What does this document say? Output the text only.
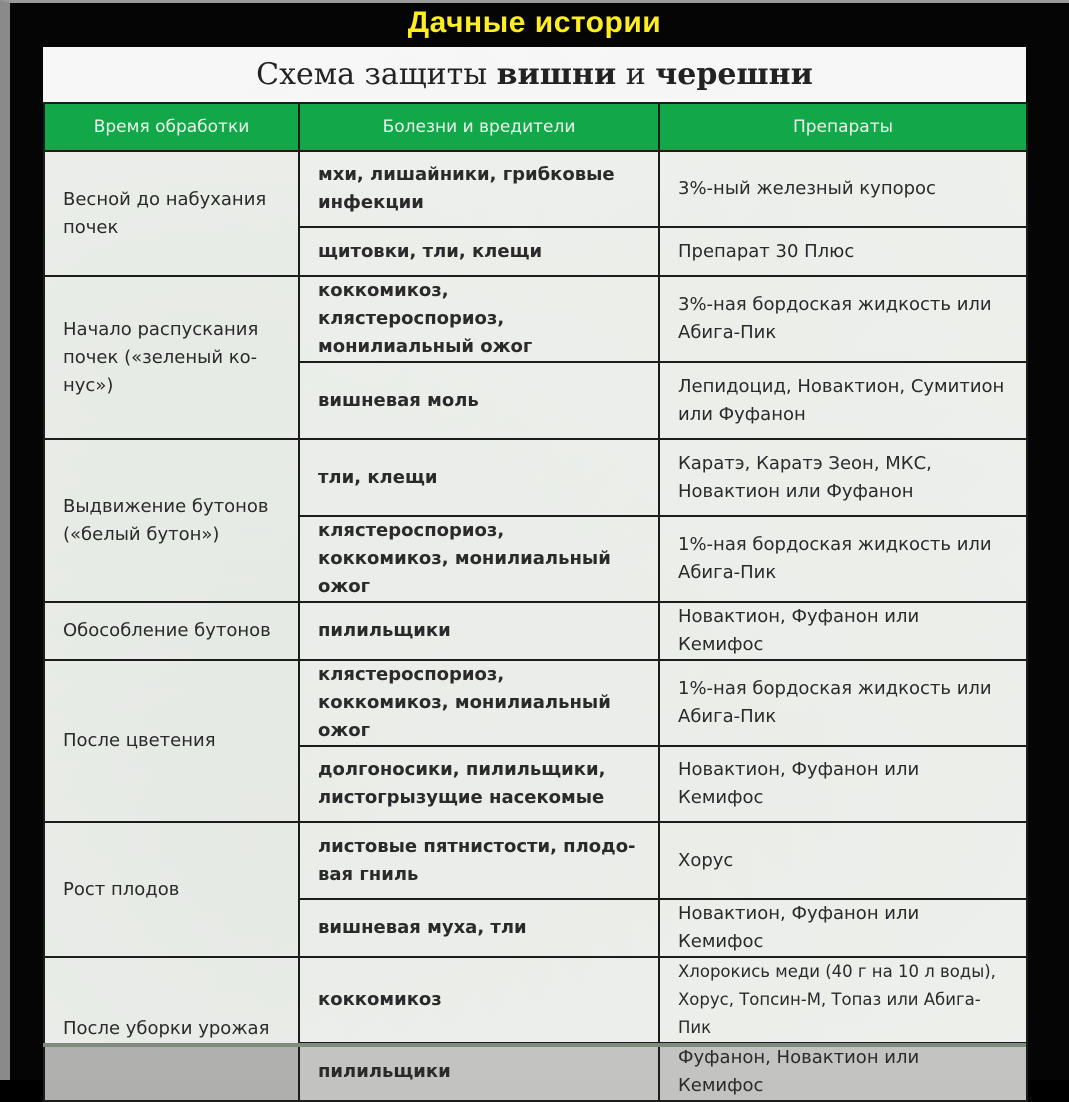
Дачные истории
Схема защиты вишни и черешни
Время обработки	Болезни и вредители	Препараты
Весной до набухания почек	мхи, лишайники, грибковые инфекции	3%-ный железный купорос
	щитовки, тли, клещи	Препарат 30 Плюс
Начало распускания почек («зеленый ко-нус»)	коккомикоз, клястероспориоз, монилиальный ожог	3%-ная бордоская жидкость или Абига-Пик
	вишневая моль	Лепидоцид, Новактион, Сумитион или Фуфанон
Выдвижение бутонов («белый бутон»)	тли, клещи	Каратэ, Каратэ Зеон, МКС, Новактион или Фуфанон
	клястероспориоз, коккомикоз, монилиальный ожог	1%-ная бордоская жидкость или Абига-Пик
Обособление бутонов	пилильщики	Новактион, Фуфанон или Кемифос
После цветения	клястероспориоз, коккомикоз, монилиальный ожог	1%-ная бордоская жидкость или Абига-Пик
	долгоносики, пилильщики, листогрызущие насекомые	Новактион, Фуфанон или Кемифос
Рост плодов	листовые пятнистости, плодо-вая гниль	Хорус
	вишневая муха, тли	Новактион, Фуфанон или Кемифос
После уборки урожая	коккомикоз	Хлорокись меди (40 г на 10 л воды), Хорус, Топсин-М, Топаз или Абига-Пик
	пилильщики	Фуфанон, Новактион или Кемифос
